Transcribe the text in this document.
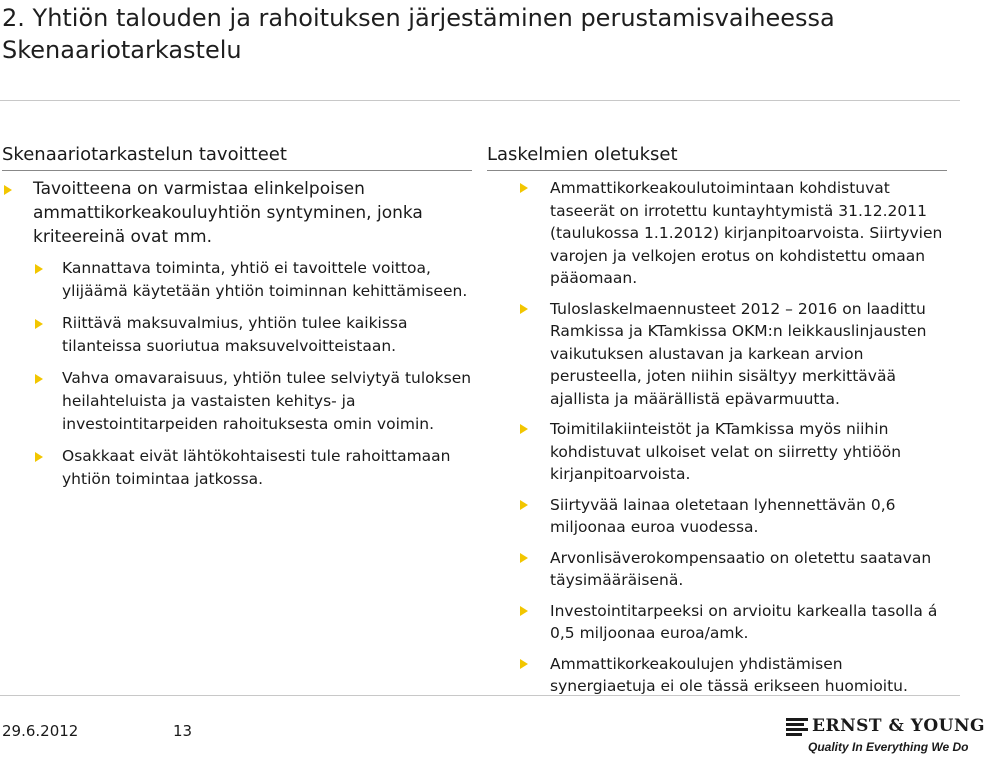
2. Yhtiön talouden ja rahoituksen järjestäminen perustamisvaiheessa
Skenaariotarkastelu
Skenaariotarkastelun tavoitteet
Tavoitteena on varmistaa elinkelpoisen ammattikorkeakouluyhtiön syntyminen, jonka kriteereinä ovat mm.
Kannattava toiminta, yhtiö ei tavoittele voittoa, ylijäämä käytetään yhtiön toiminnan kehittämiseen.
Riittävä maksuvalmius, yhtiön tulee kaikissa tilanteissa suoriutua maksuvelvoitteistaan.
Vahva omavaraisuus, yhtiön tulee selviytyä tuloksen heilahteluista ja vastaisten kehitys- ja investointitarpeiden rahoituksesta omin voimin.
Osakkaat eivät lähtökohtaisesti tule rahoittamaan yhtiön toimintaa jatkossa.
Laskelmien oletukset
Ammattikorkeakoulutoimintaan kohdistuvat taseerät on irrotettu kuntayhtymistä 31.12.2011 (taulukossa 1.1.2012) kirjanpitoarvoista. Siirtyvien varojen ja velkojen erotus on kohdistettu omaan pääomaan.
Tuloslaskelmaennusteet 2012 – 2016 on laadittu Ramkissa ja KTamkissa OKM:n leikkauslinjausten vaikutuksen alustavan ja karkean arvion perusteella, joten niihin sisältyy merkittävää ajallista ja määrällistä epävarmuutta.
Toimitilakiinteistöt ja KTamkissa myös niihin kohdistuvat ulkoiset velat on siirretty yhtiöön kirjanpitoarvoista.
Siirtyvää lainaa oletetaan lyhennettävän 0,6 miljoonaa euroa vuodessa.
Arvonlisäverokompensaatio on oletettu saatavan täysimääräisenä.
Investointitarpeeksi on arvioitu karkealla tasolla á 0,5 miljoonaa euroa/amk.
Ammattikorkeakoulujen yhdistämisen synergiaetuja ei ole tässä erikseen huomioitu.
29.6.2012	13	ERNST & YOUNG
Quality In Everything We Do
